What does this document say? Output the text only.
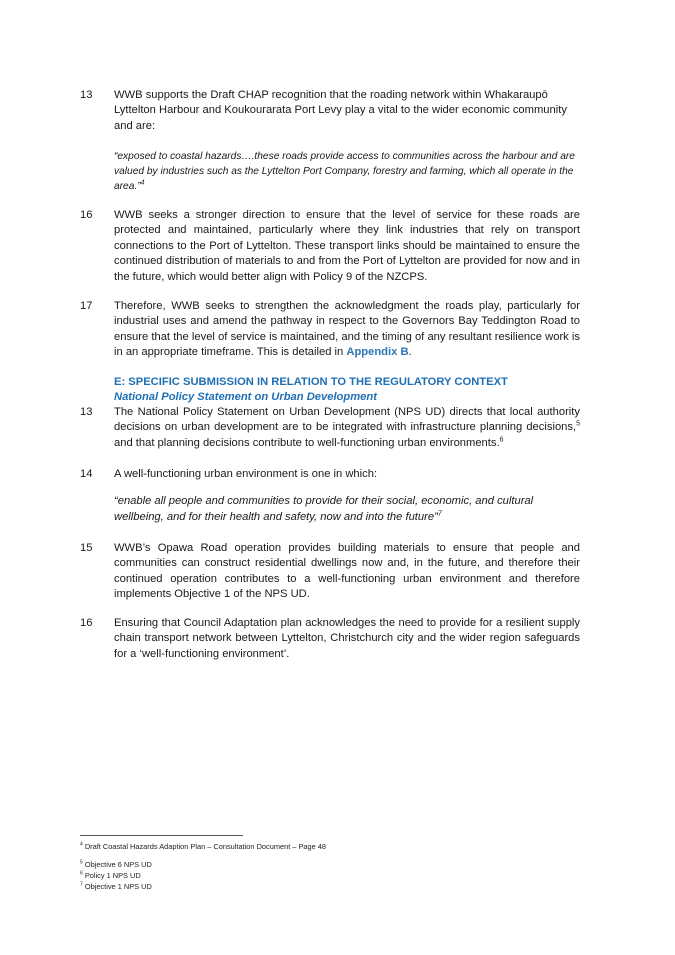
13	WWB supports the Draft CHAP recognition that the roading network within Whakaraupō Lyttelton Harbour and Koukourarata Port Levy play a vital to the wider economic community and are:
“exposed to coastal hazards….these roads provide access to communities across the harbour and are valued by industries such as the Lyttelton Port Company, forestry and farming, which all operate in the area.”$^4$
16	WWB seeks a stronger direction to ensure that the level of service for these roads are protected and maintained, particularly where they link industries that rely on transport connections to the Port of Lyttelton. These transport links should be maintained to ensure the continued distribution of materials to and from the Port of Lyttelton are provided for now and in the future, which would better align with Policy 9 of the NZCPS.
17	Therefore, WWB seeks to strengthen the acknowledgment the roads play, particularly for industrial uses and amend the pathway in respect to the Governors Bay Teddington Road to ensure that the level of service is maintained, and the timing of any resultant resilience work is in an appropriate timeframe. This is detailed in Appendix B.
E: SPECIFIC SUBMISSION IN RELATION TO THE REGULATORY CONTEXT
National Policy Statement on Urban Development
13	The National Policy Statement on Urban Development (NPS UD) directs that local authority decisions on urban development are to be integrated with infrastructure planning decisions,$^5$ and that planning decisions contribute to well-functioning urban environments.$^6$
14	A well-functioning urban environment is one in which:
“enable all people and communities to provide for their social, economic, and cultural wellbeing, and for their health and safety, now and into the future”$^7$
15	WWB’s Opawa Road operation provides building materials to ensure that people and communities can construct residential dwellings now and, in the future, and therefore their continued operation contributes to a well-functioning urban environment and therefore implements Objective 1 of the NPS UD.
16	Ensuring that Council Adaptation plan acknowledges the need to provide for a resilient supply chain transport network between Lyttelton, Christchurch city and the wider region safeguards for a ‘well-functioning environment’.
$^4$ Draft Coastal Hazards Adaption Plan – Consultation Document – Page 48
$^5$ Objective 6 NPS UD
$^6$ Policy 1 NPS UD
$^7$ Objective 1 NPS UD
